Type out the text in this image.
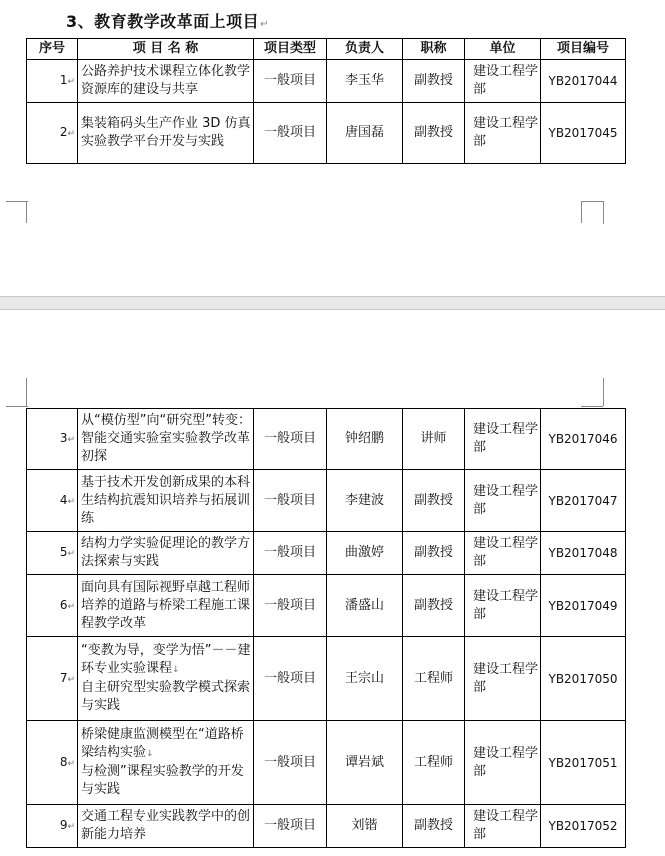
3、教育教学改革面上项目↵
序号	项 目 名 称	项目类型	负责人	职称	单位	项目编号
1↵	公路养护技术课程立体化教学资源库的建设与共享	一般项目	李玉华	副教授	建设工程学部	YB2017044
2↵	集装箱码头生产作业 3D 仿真实验教学平台开发与实践	一般项目	唐国磊	副教授	建设工程学部	YB2017045
3↵	从“模仿型”向“研究型”转变：智能交通实验室实验教学改革初探	一般项目	钟绍鹏	讲师	建设工程学部	YB2017046
4↵	基于技术开发创新成果的本科生结构抗震知识培养与拓展训练	一般项目	李建波	副教授	建设工程学部	YB2017047
5↵	结构力学实验促理论的教学方法探索与实践	一般项目	曲激婷	副教授	建设工程学部	YB2017048
6↵	面向具有国际视野卓越工程师培养的道路与桥梁工程施工课程教学改革	一般项目	潘盛山	副教授	建设工程学部	YB2017049
7↵	“变教为导，变学为悟”－－建环专业实验课程↓
自主研究型实验教学模式探索与实践	一般项目	王宗山	工程师	建设工程学部	YB2017050
8↵	桥梁健康监测模型在“道路桥梁结构实验↓
与检测”课程实验教学的开发与实践	一般项目	谭岩斌	工程师	建设工程学部	YB2017051
9↵	交通工程专业实践教学中的创新能力培养	一般项目	刘锴	副教授	建设工程学部	YB2017052
